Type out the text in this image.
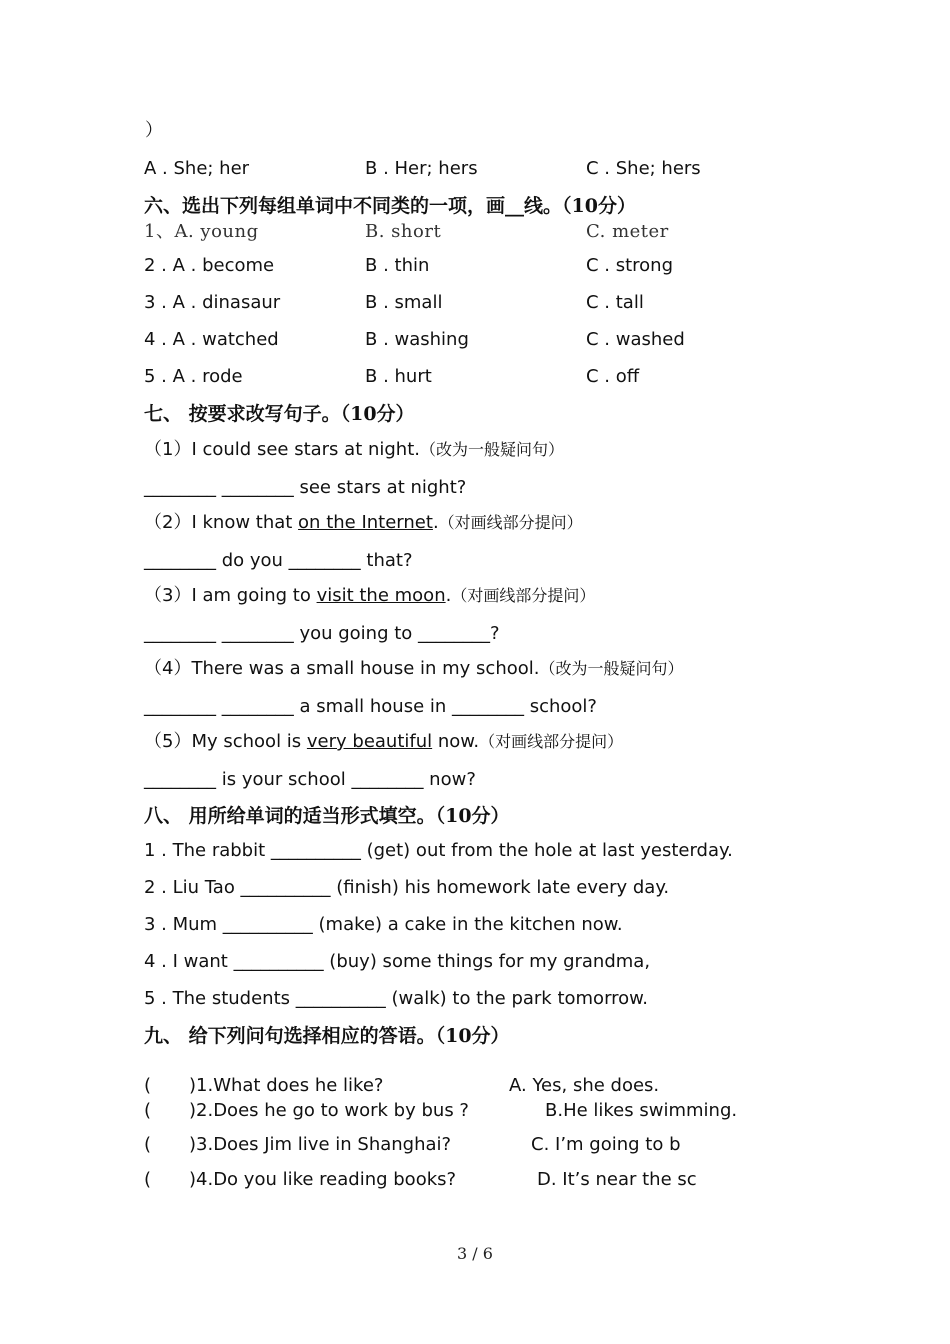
）
A . She; her	B . Her; hers	C . She; hers
六、选出下列每组单词中不同类的一项，画__线。（10分）
1、A. young	B. short	C. meter
2 . A . become	B . thin	C . strong
3 . A . dinasaur	B . small	C . tall
4 . A . watched	B . washing	C . washed
5 . A . rode	B . hurt	C . off
七、 按要求改写句子。（10分）
（1）I could see stars at night.（改为一般疑问句）
________ ________ see stars at night?
（2）I know that on the Internet.（对画线部分提问）
________ do you ________ that?
（3）I am going to visit the moon.（对画线部分提问）
________ ________ you going to ________?
（4）There was a small house in my school.（改为一般疑问句）
________ ________ a small house in ________ school?
（5）My school is very beautiful now.（对画线部分提问）
________ is your school ________ now?
八、 用所给单词的适当形式填空。（10分）
1 . The rabbit __________ (get) out from the hole at last yesterday.
2 . Liu Tao __________ (finish) his homework late every day.
3 . Mum __________ (make) a cake in the kitchen now.
4 . I want __________ (buy) some things for my grandma,
5 . The students __________ (walk) to the park tomorrow.
九、 给下列问句选择相应的答语。（10分）
( )1.What does he like?	A. Yes, she does.
( )2.Does he go to work by bus ?	B.He likes swimming.
( )3.Does Jim live in Shanghai?	C. I’m going to b
( )4.Do you like reading books?	D. It’s near the sc
3 / 6
